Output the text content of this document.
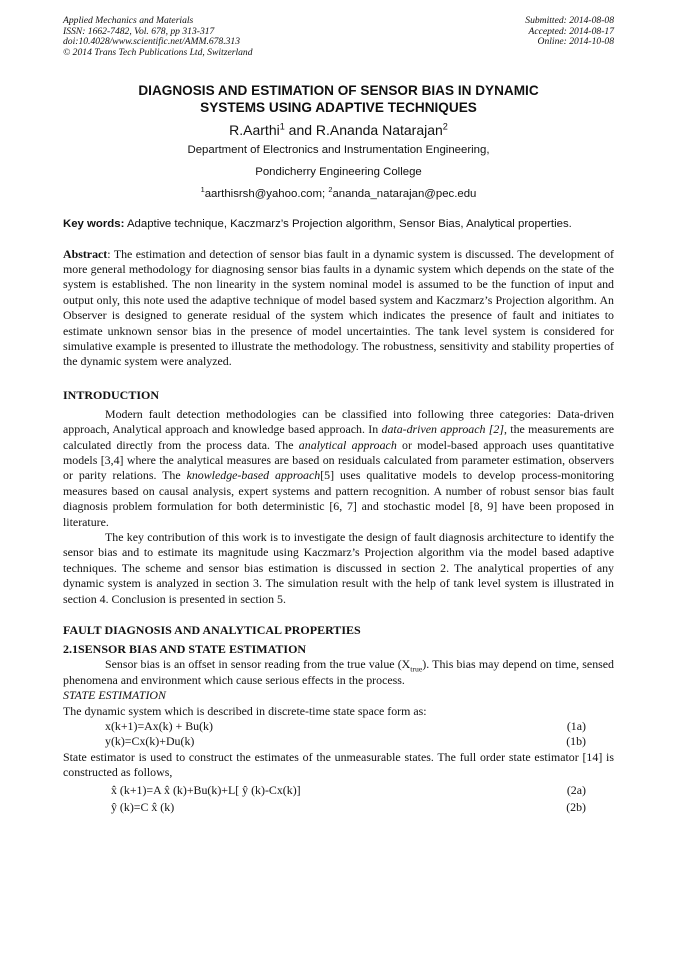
Applied Mechanics and Materials
ISSN: 1662-7482, Vol. 678, pp 313-317
doi:10.4028/www.scientific.net/AMM.678.313
© 2014 Trans Tech Publications Ltd, Switzerland
Submitted: 2014-08-08
Accepted: 2014-08-17
Online: 2014-10-08
DIAGNOSIS AND ESTIMATION OF SENSOR BIAS IN DYNAMIC
SYSTEMS USING ADAPTIVE TECHNIQUES
R.Aarthi$^1$ and R.Ananda Natarajan$^2$
Department of Electronics and Instrumentation Engineering,
Pondicherry Engineering College
$^1$aarthisrsh@yahoo.com; $^2$ananda_natarajan@pec.edu
Key words: Adaptive technique, Kaczmarz’s Projection algorithm, Sensor Bias, Analytical properties.
Abstract: The estimation and detection of sensor bias fault in a dynamic system is discussed. The development of more general methodology for diagnosing sensor bias faults in a dynamic system which depends on the state of the system is established. The non linearity in the system nominal model is assumed to be the function of input and output only, this note used the adaptive technique of model based system and Kaczmarz’s Projection algorithm. An Observer is designed to generate residual of the system which indicates the presence of fault and initiates to estimate unknown sensor bias in the presence of model uncertainties. The tank level system is considered for simulative example is presented to illustrate the methodology. The robustness, sensitivity and stability properties of the dynamic system were analyzed.
INTRODUCTION

Modern fault detection methodologies can be classified into following three categories: Data-driven approach, Analytical approach and knowledge based approach. In data-driven approach [2], the measurements are calculated directly from the process data. The analytical approach or model-based approach uses quantitative models [3,4] where the analytical measures are based on residuals calculated from parameter estimation, observers or parity relations. The knowledge-based approach[5] uses qualitative models to develop process-monitoring measures based on causal analysis, expert systems and pattern recognition. A number of robust sensor bias fault diagnosis problem formulation for both deterministic [6, 7] and stochastic model [8, 9] have been proposed in literature.

The key contribution of this work is to investigate the design of fault diagnosis architecture to identify the sensor bias and to estimate its magnitude using Kaczmarz’s Projection algorithm via the model based adaptive techniques. The scheme and sensor bias estimation is discussed in section 2. The analytical properties of any dynamic system is analyzed in section 3. The simulation result with the help of tank level system is illustrated in section 4. Conclusion is presented in section 5.

FAULT DIAGNOSIS AND ANALYTICAL PROPERTIES
2.1SENSOR BIAS AND STATE ESTIMATION

Sensor bias is an offset in sensor reading from the true value $(X_{true})$. This bias may depend on time, sensed phenomena and environment which cause serious effects in the process.

STATE ESTIMATION

The dynamic system which is described in discrete-time state space form as:

x(k+1)=Ax(k) + Bu(k)	(1a)
y(k)=Cx(k)+Du(k)	(1b)

State estimator is used to construct the estimates of the unmeasurable states. The full order state estimator [14] is constructed as follows,

x̂ (k+1)=A x̂ (k)+Bu(k)+L[ ŷ (k)-Cx(k)]	(2a)
ŷ (k)=C x̂ (k)	(2b)
